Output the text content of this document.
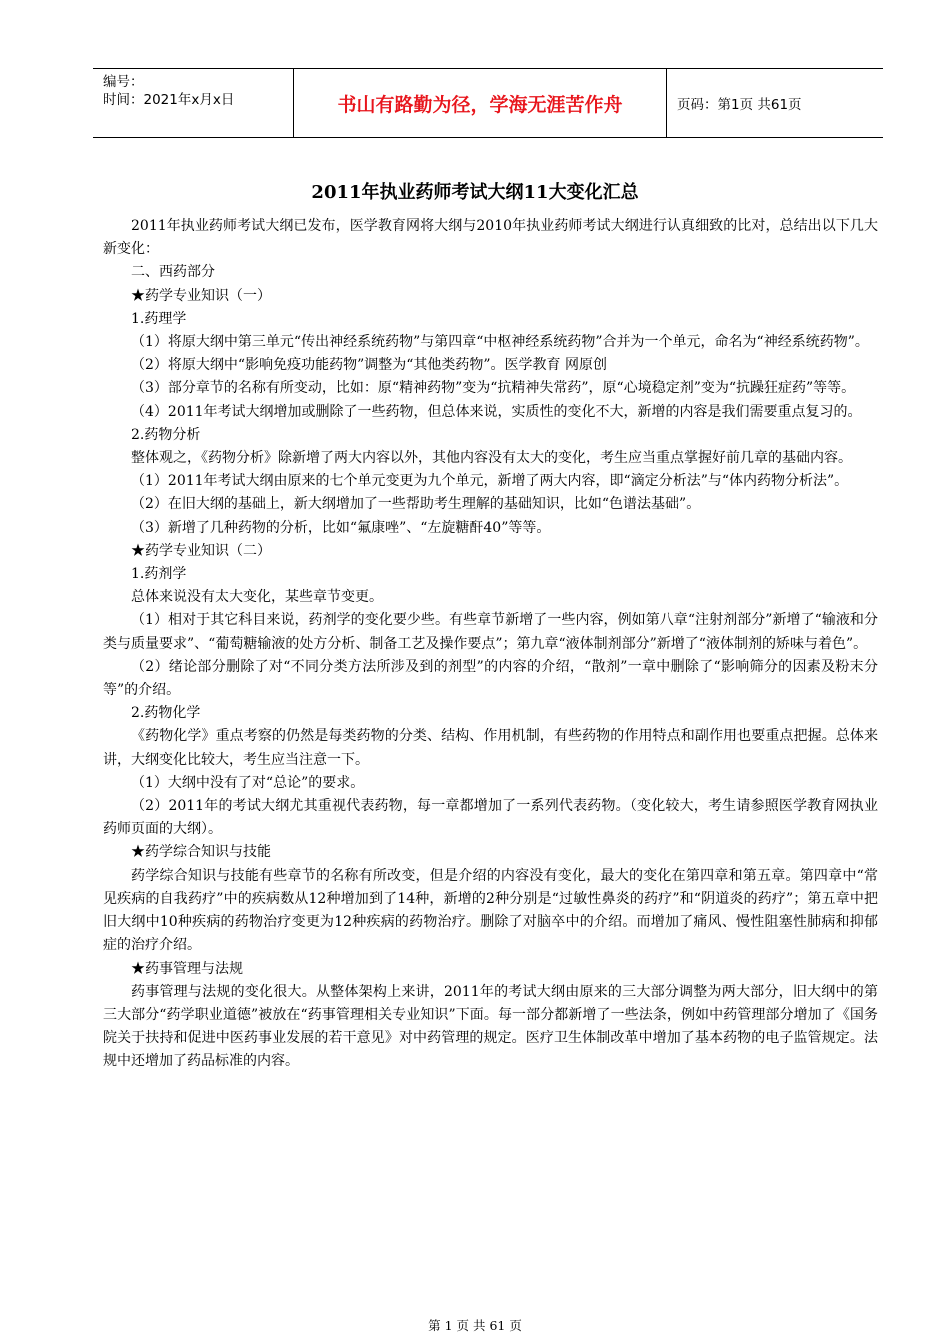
编号：
时间：2021年x月x日	书山有路勤为径，学海无涯苦作舟	页码：第1页 共61页
2011年执业药师考试大纲11大变化汇总

2011年执业药师考试大纲已发布，医学教育网将大纲与2010年执业药师考试大纲进行认真细致的比对，总结出以下几大新变化：

二、西药部分

★药学专业知识（一）

1.药理学

（1）将原大纲中第三单元“传出神经系统药物”与第四章“中枢神经系统药物”合并为一个单元，命名为“神经系统药物”。

（2）将原大纲中“影响免疫功能药物”调整为“其他类药物”。医学教育 网原创

（3）部分章节的名称有所变动，比如：原“精神药物”变为“抗精神失常药”，原“心境稳定剂”变为“抗躁狂症药”等等。

（4）2011年考试大纲增加或删除了一些药物，但总体来说，实质性的变化不大，新增的内容是我们需要重点复习的。

2.药物分析

整体观之，《药物分析》除新增了两大内容以外，其他内容没有太大的变化，考生应当重点掌握好前几章的基础内容。

（1）2011年考试大纲由原来的七个单元变更为九个单元，新增了两大内容，即“滴定分析法”与“体内药物分析法”。

（2）在旧大纲的基础上，新大纲增加了一些帮助考生理解的基础知识，比如“色谱法基础”。

（3）新增了几种药物的分析，比如“氟康唑”、“左旋糖酐40”等等。

★药学专业知识（二）

1.药剂学

总体来说没有太大变化，某些章节变更。

（1）相对于其它科目来说，药剂学的变化要少些。有些章节新增了一些内容，例如第八章“注射剂部分”新增了“输液和分类与质量要求”、“葡萄糖输液的处方分析、制备工艺及操作要点”；第九章“液体制剂部分”新增了“液体制剂的矫味与着色”。

（2）绪论部分删除了对“不同分类方法所涉及到的剂型”的内容的介绍，“散剂”一章中删除了“影响筛分的因素及粉末分等”的介绍。

2.药物化学

《药物化学》重点考察的仍然是每类药物的分类、结构、作用机制，有些药物的作用特点和副作用也要重点把握。总体来讲，大纲变化比较大，考生应当注意一下。

（1）大纲中没有了对“总论”的要求。

（2）2011年的考试大纲尤其重视代表药物，每一章都增加了一系列代表药物。（变化较大，考生请参照医学教育网执业药师页面的大纲）。

★药学综合知识与技能

药学综合知识与技能有些章节的名称有所改变，但是介绍的内容没有变化，最大的变化在第四章和第五章。第四章中“常见疾病的自我药疗”中的疾病数从12种增加到了14种，新增的2种分别是“过敏性鼻炎的药疗”和“阴道炎的药疗”；第五章中把旧大纲中10种疾病的药物治疗变更为12种疾病的药物治疗。删除了对脑卒中的介绍。而增加了痛风、慢性阻塞性肺病和抑郁症的治疗介绍。

★药事管理与法规

药事管理与法规的变化很大。从整体架构上来讲，2011年的考试大纲由原来的三大部分调整为两大部分，旧大纲中的第三大部分“药学职业道德”被放在“药事管理相关专业知识”下面。每一部分都新增了一些法条，例如中药管理部分增加了《国务院关于扶持和促进中医药事业发展的若干意见》对中药管理的规定。医疗卫生体制改革中增加了基本药物的电子监管规定。法规中还增加了药品标准的内容。

第 1 页 共 61 页
